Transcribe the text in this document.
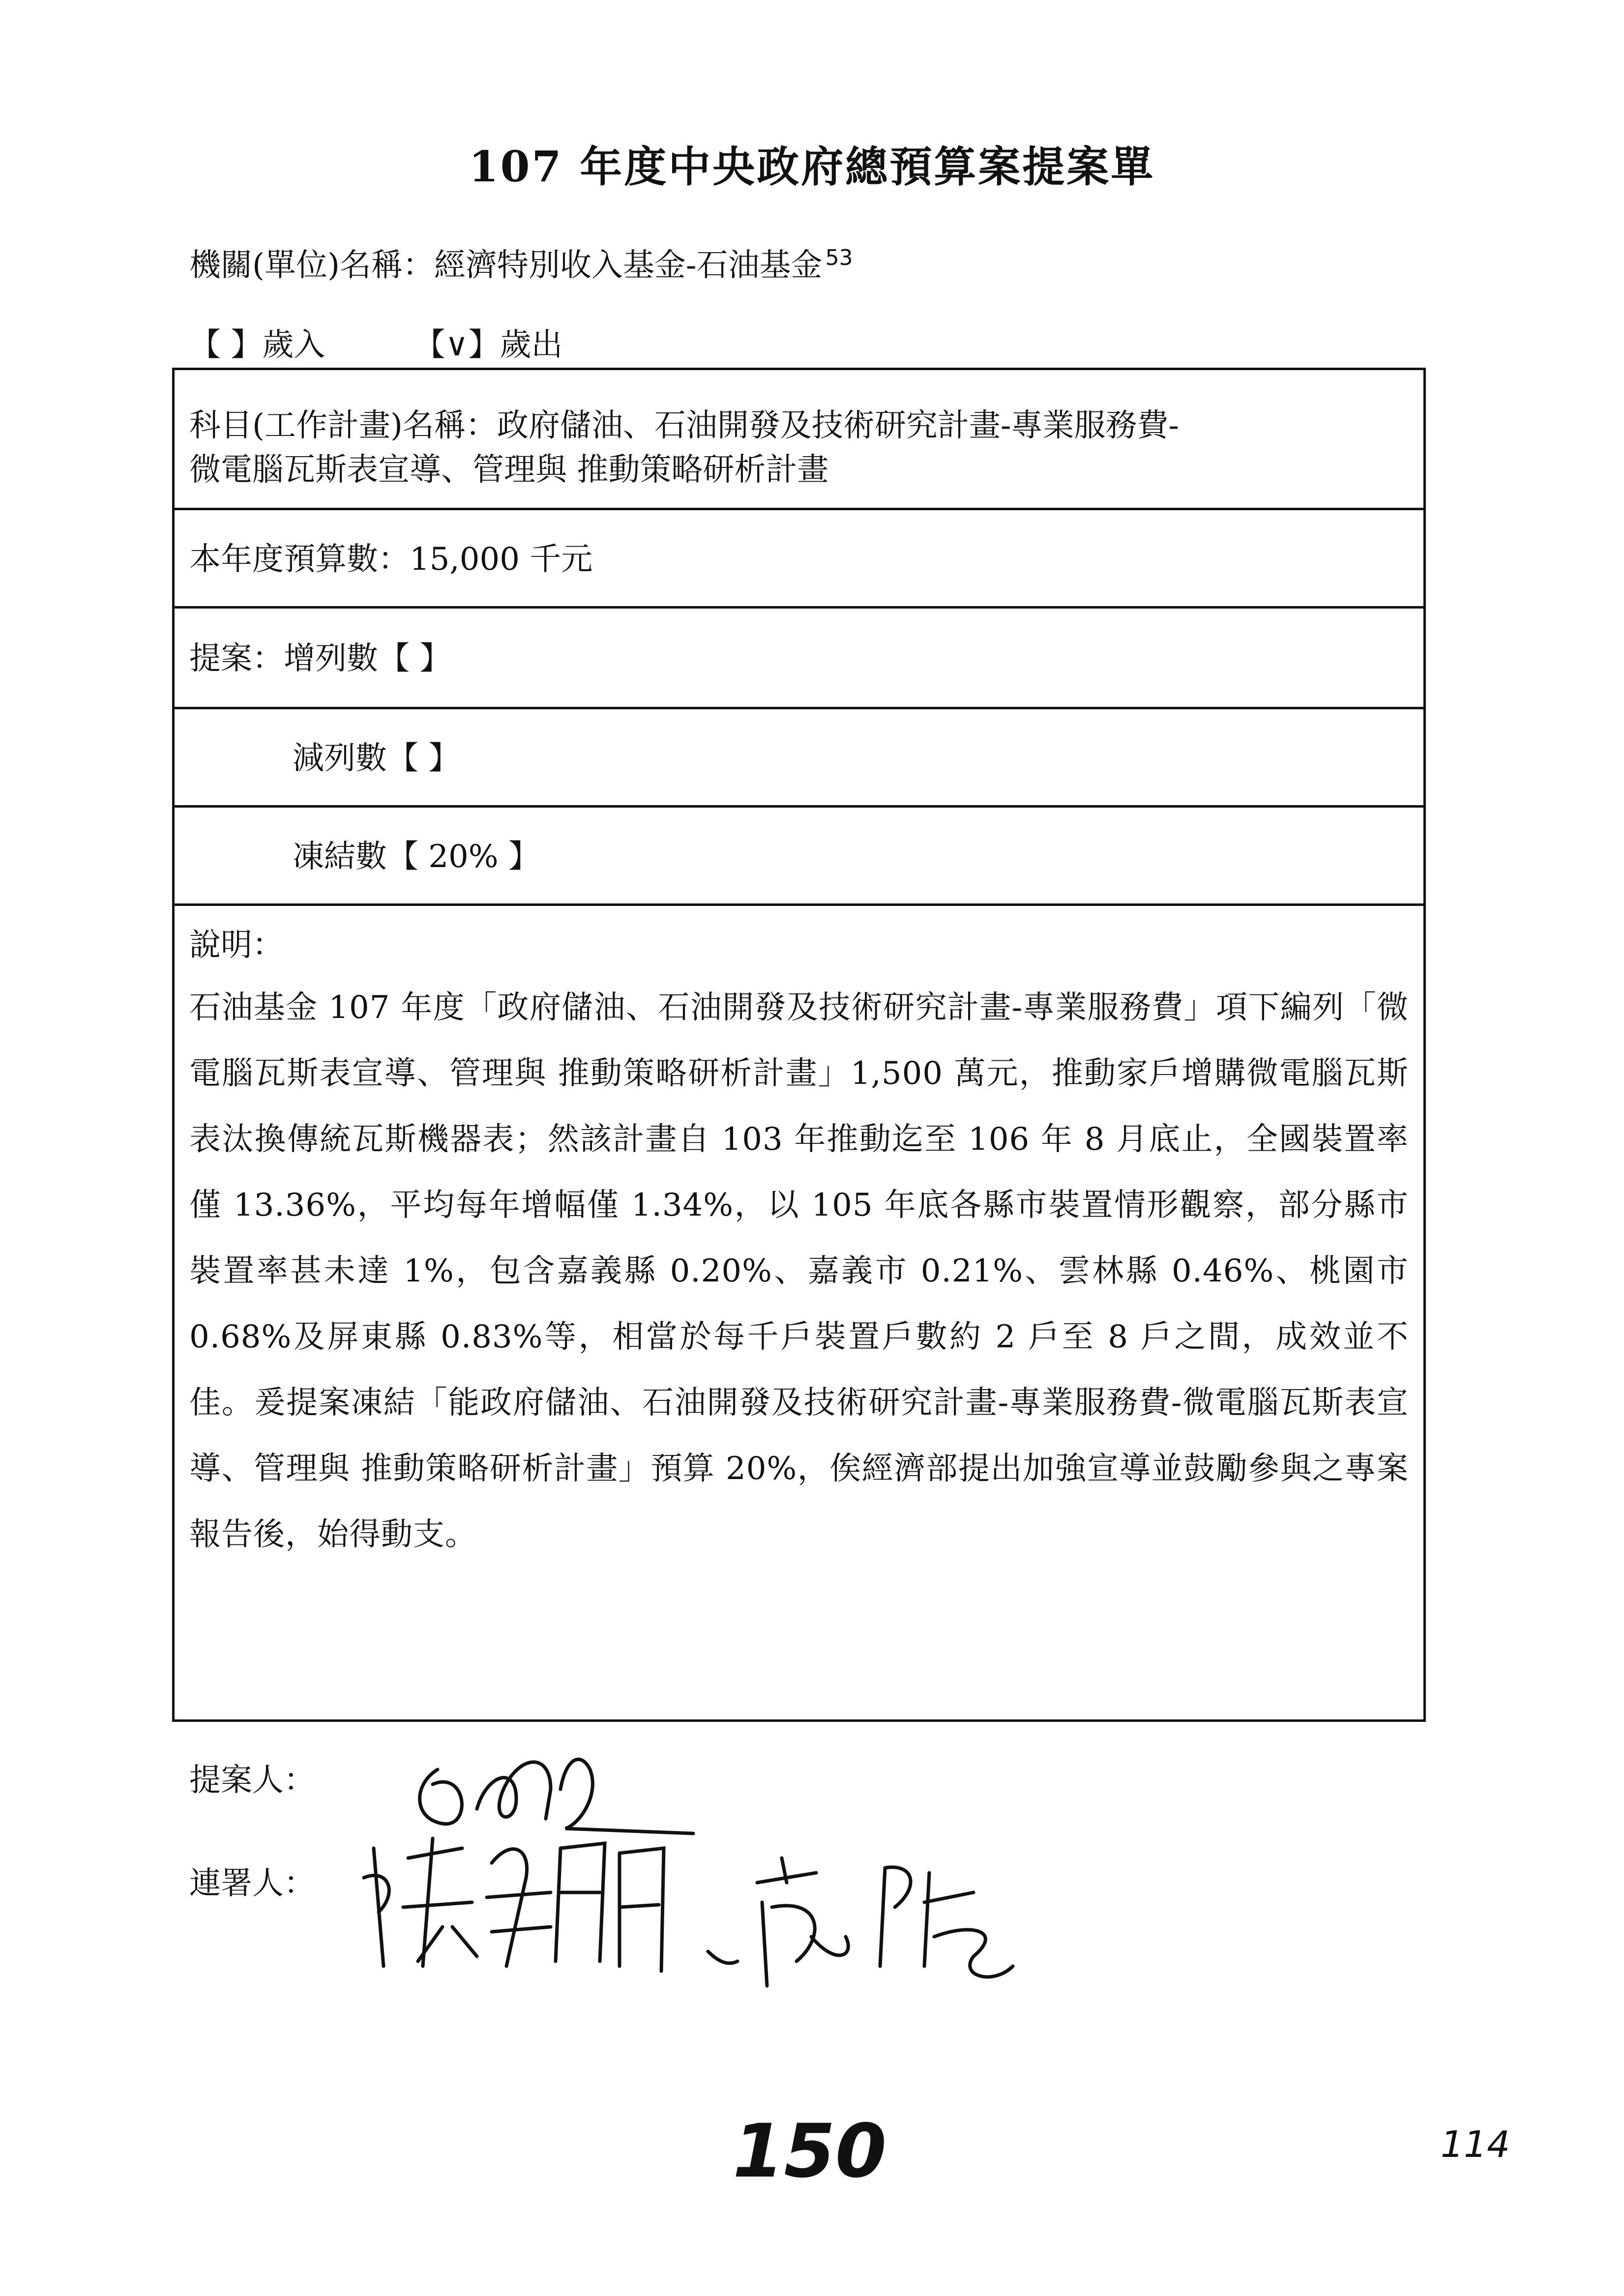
107 年度中央政府總預算案提案單
機關(單位)名稱：經濟特別收入基金-石油基金 $^{53}$
【 】歲入	【∨】歲出
科目(工作計畫)名稱：政府儲油、石油開發及技術研究計畫-專業服務費-
微電腦瓦斯表宣導、管理與 推動策略研析計畫
本年度預算數：15,000 千元
提案：增列數【 】
減列數【 】
凍結數【 20% 】
說明：
石油基金 107 年度「政府儲油、石油開發及技術研究計畫-專業服務費」項下編列「微電腦瓦斯表宣導、管理與 推動策略研析計畫」1,500 萬元，推動家戶增購微電腦瓦斯表汰換傳統瓦斯機器表；然該計畫自 103 年推動迄至 106 年 8 月底止，全國裝置率僅 13.36%，平均每年增幅僅 1.34%，以 105 年底各縣市裝置情形觀察，部分縣市裝置率甚未達 1%，包含嘉義縣 0.20%、嘉義市 0.21%、雲林縣 0.46%、桃園市 0.68%及屏東縣 0.83%等，相當於每千戶裝置戶數約 2 戶至 8 戶之間，成效並不佳。爰提案凍結「能政府儲油、石油開發及技術研究計畫-專業服務費-微電腦瓦斯表宣導、管理與 推動策略研析計畫」預算 20%，俟經濟部提出加強宣導並鼓勵參與之專案報告後，始得動支。
提案人：
連署人：
150	114
